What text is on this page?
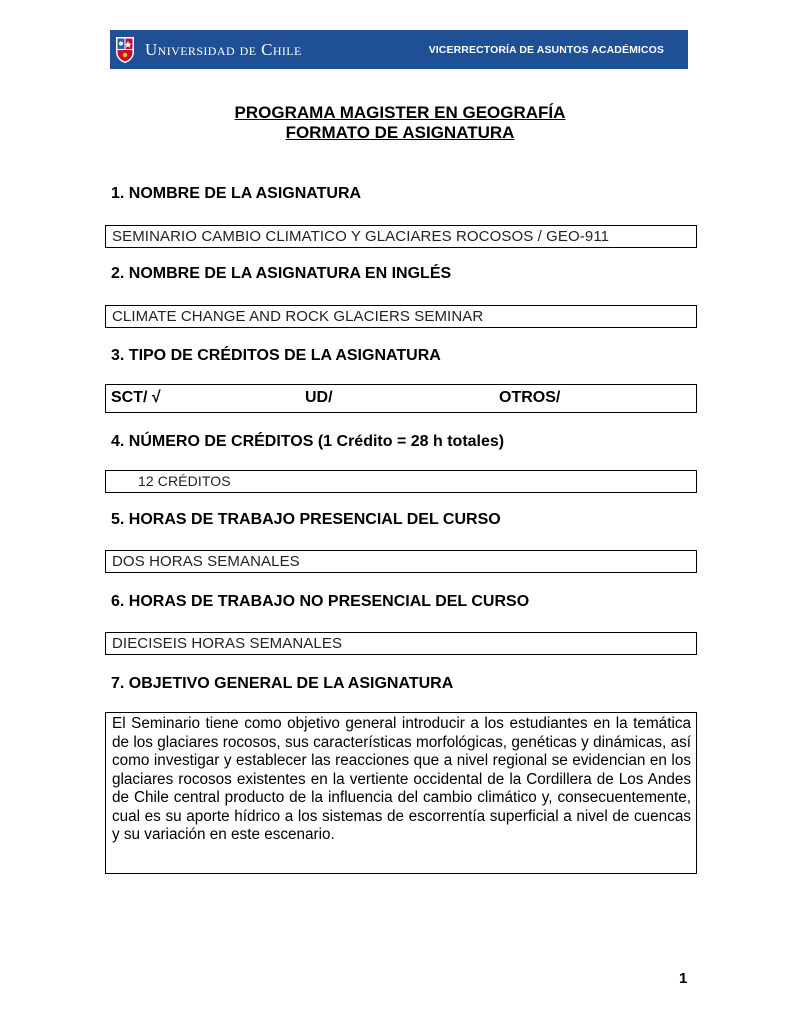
Universidad de Chile	VICERRECTORÍA DE ASUNTOS ACADÉMICOS

PROGRAMA MAGISTER EN GEOGRAFÍA

FORMATO DE ASIGNATURA

1. NOMBRE DE LA ASIGNATURA

SEMINARIO CAMBIO CLIMATICO Y GLACIARES ROCOSOS / GEO-911

2. NOMBRE DE LA ASIGNATURA EN INGLÉS

CLIMATE CHANGE AND ROCK GLACIERS SEMINAR

3. TIPO DE CRÉDITOS DE LA ASIGNATURA

SCT/ √	UD/	OTROS/

4. NÚMERO DE CRÉDITOS (1 Crédito = 28 h totales)

12 CRÉDITOS

5. HORAS DE TRABAJO PRESENCIAL DEL CURSO

DOS HORAS SEMANALES

6. HORAS DE TRABAJO NO PRESENCIAL DEL CURSO

DIECISEIS HORAS SEMANALES

7. OBJETIVO GENERAL DE LA ASIGNATURA

El Seminario tiene como objetivo general introducir a los estudiantes en la temática de los glaciares rocosos, sus características morfológicas, genéticas y dinámicas, así como investigar y establecer las reacciones que a nivel regional se evidencian en los glaciares rocosos existentes en la vertiente occidental de la Cordillera de Los Andes de Chile central producto de la influencia del cambio climático y, consecuentemente, cual es su aporte hídrico a los sistemas de escorrentía superficial a nivel de cuencas y su variación en este escenario.
1
